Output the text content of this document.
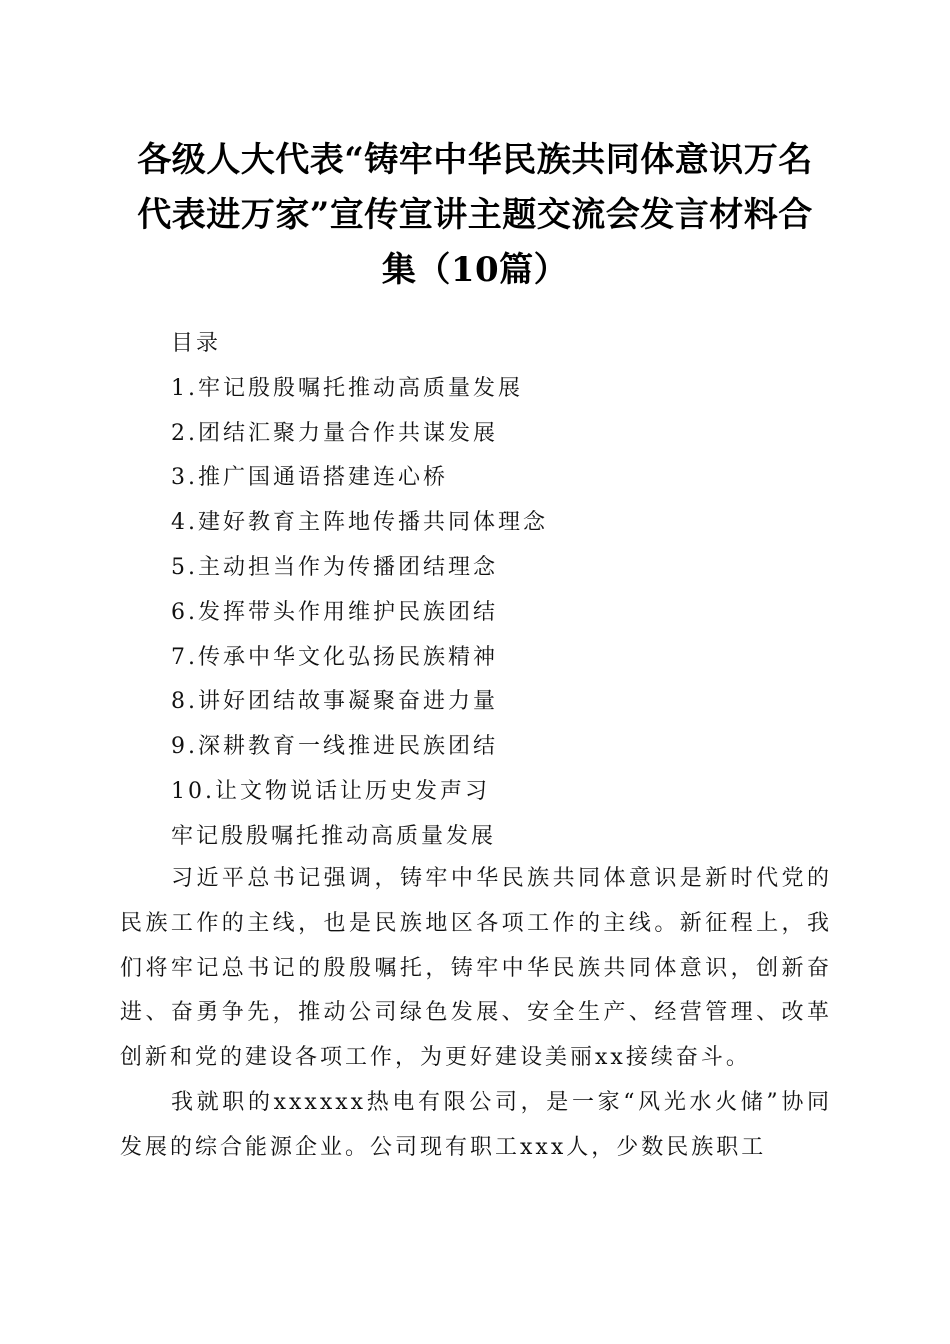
各级人大代表“铸牢中华民族共同体意识万名
代表进万家”宣传宣讲主题交流会发言材料合
集（10篇）
目录
1.牢记殷殷嘱托推动高质量发展
2.团结汇聚力量合作共谋发展
3.推广国通语搭建连心桥
4.建好教育主阵地传播共同体理念
5.主动担当作为传播团结理念
6.发挥带头作用维护民族团结
7.传承中华文化弘扬民族精神
8.讲好团结故事凝聚奋进力量
9.深耕教育一线推进民族团结
10.让文物说话让历史发声习
牢记殷殷嘱托推动高质量发展

习近平总书记强调，铸牢中华民族共同体意识是新时代党的民族工作的主线，也是民族地区各项工作的主线。新征程上，我们将牢记总书记的殷殷嘱托，铸牢中华民族共同体意识，创新奋进、奋勇争先，推动公司绿色发展、安全生产、经营管理、改革创新和党的建设各项工作，为更好建设美丽xx接续奋斗。

我就职的xxxxxx热电有限公司，是一家“风光水火储”协同发展的综合能源企业。公司现有职工xxx人，少数民族职工
